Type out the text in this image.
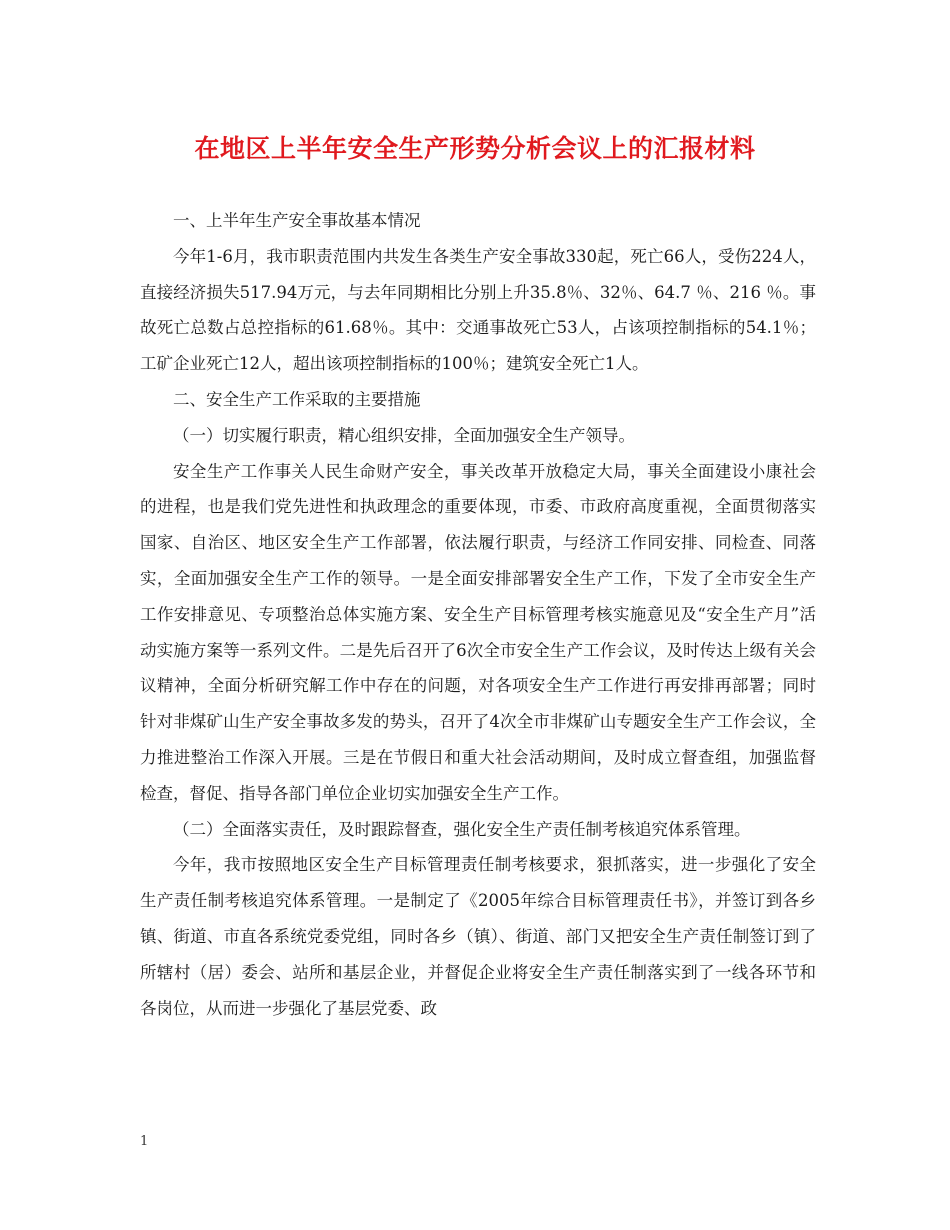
在地区上半年安全生产形势分析会议上的汇报材料

一、上半年生产安全事故基本情况

今年1-6月，我市职责范围内共发生各类生产安全事故330起，死亡66人，受伤224人，直接经济损失517.94万元，与去年同期相比分别上升35.8％、32％、64.7 ％、216 ％。事故死亡总数占总控指标的61.68％。其中：交通事故死亡53人，占该项控制指标的54.1％；工矿企业死亡12人，超出该项控制指标的100％；建筑安全死亡1人。

二、安全生产工作采取的主要措施

（一）切实履行职责，精心组织安排，全面加强安全生产领导。

安全生产工作事关人民生命财产安全，事关改革开放稳定大局，事关全面建设小康社会的进程，也是我们党先进性和执政理念的重要体现，市委、市政府高度重视，全面贯彻落实国家、自治区、地区安全生产工作部署，依法履行职责，与经济工作同安排、同检查、同落实，全面加强安全生产工作的领导。一是全面安排部署安全生产工作，下发了全市安全生产工作安排意见、专项整治总体实施方案、安全生产目标管理考核实施意见及“安全生产月”活动实施方案等一系列文件。二是先后召开了6次全市安全生产工作会议，及时传达上级有关会议精神，全面分析研究解工作中存在的问题，对各项安全生产工作进行再安排再部署；同时针对非煤矿山生产安全事故多发的势头，召开了4次全市非煤矿山专题安全生产工作会议，全力推进整治工作深入开展。三是在节假日和重大社会活动期间，及时成立督查组，加强监督检查，督促、指导各部门单位企业切实加强安全生产工作。

（二）全面落实责任，及时跟踪督查，强化安全生产责任制考核追究体系管理。

今年，我市按照地区安全生产目标管理责任制考核要求，狠抓落实，进一步强化了安全生产责任制考核追究体系管理。一是制定了《2005年综合目标管理责任书》，并签订到各乡镇、街道、市直各系统党委党组，同时各乡（镇）、街道、部门又把安全生产责任制签订到了所辖村（居）委会、站所和基层企业，并督促企业将安全生产责任制落实到了一线各环节和各岗位，从而进一步强化了基层党委、政

1
